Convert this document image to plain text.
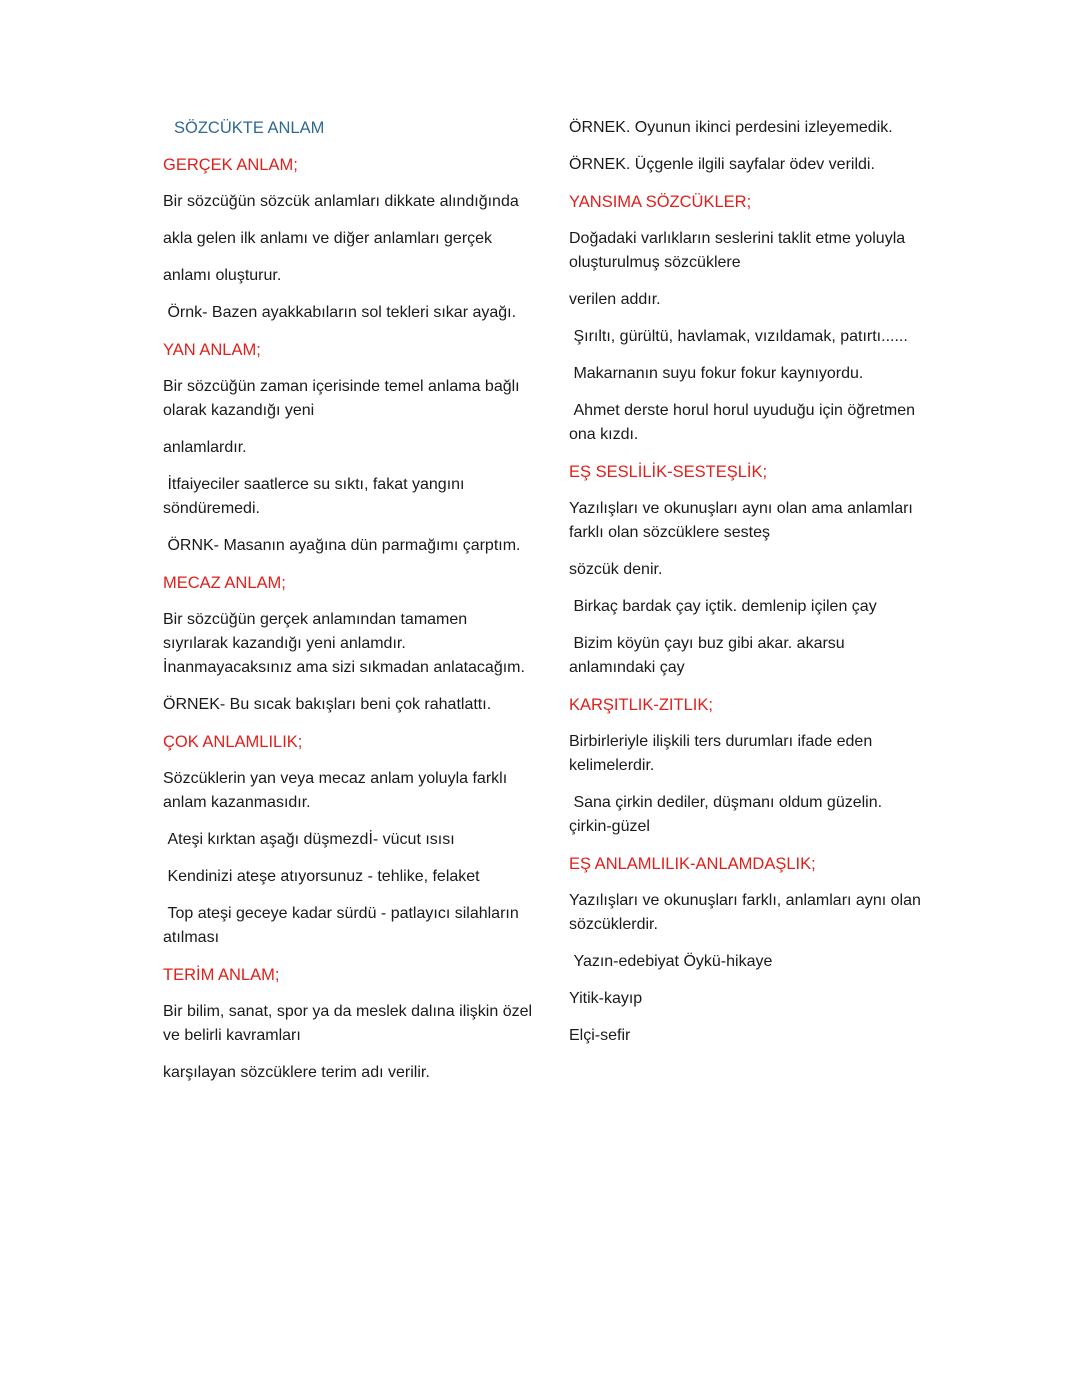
SÖZCÜKTE ANLAM
GERÇEK ANLAM;
Bir sözcüğün sözcük anlamları dikkate alındığında
akla gelen ilk anlamı ve diğer anlamları gerçek
anlamı oluşturur.
Örnk- Bazen ayakkabıların sol tekleri sıkar ayağı.
YAN ANLAM;
Bir sözcüğün zaman içerisinde temel anlama bağlı olarak kazandığı yeni
anlamlardır.
İtfaiyeciler saatlerce su sıktı, fakat yangını söndüremedi.
ÖRNK- Masanın ayağına dün parmağımı çarptım.
MECAZ ANLAM;
Bir sözcüğün gerçek anlamından tamamen sıyrılarak kazandığı yeni anlamdır. İnanmayacaksınız ama sizi sıkmadan anlatacağım.
ÖRNEK- Bu sıcak bakışları beni çok rahatlattı.
ÇOK ANLAMLILIK;
Sözcüklerin yan veya mecaz anlam yoluyla farklı anlam kazanmasıdır.
Ateşi kırktan aşağı düşmezdİ- vücut ısısı
Kendinizi ateşe atıyorsunuz - tehlike, felaket
Top ateşi geceye kadar sürdü - patlayıcı silahların atılması
TERİM ANLAM;
Bir bilim, sanat, spor ya da meslek dalına ilişkin özel ve belirli kavramları
karşılayan sözcüklere terim adı verilir.
ÖRNEK. Oyunun ikinci perdesini izleyemedik.
ÖRNEK. Üçgenle ilgili sayfalar ödev verildi.
YANSIMA SÖZCÜKLER;
Doğadaki varlıkların seslerini taklit etme yoluyla oluşturulmuş sözcüklere
verilen addır.
Şırıltı, gürültü, havlamak, vızıldamak, patırtı......
Makarnanın suyu fokur fokur kaynıyordu.
Ahmet derste horul horul uyuduğu için öğretmen ona kızdı.
EŞ SESLİLİK-SESTEŞLİK;
Yazılışları ve okunuşları aynı olan ama anlamları farklı olan sözcüklere sesteş
sözcük denir.
Birkaç bardak çay içtik. demlenip içilen çay
Bizim köyün çayı buz gibi akar. akarsu anlamındaki çay
KARŞITLIK-ZITLIK;
Birbirleriyle ilişkili ters durumları ifade eden kelimelerdir.
Sana çirkin dediler, düşmanı oldum güzelin. çirkin-güzel
EŞ ANLAMLILIK-ANLAMDAŞLIK;
Yazılışları ve okunuşları farklı, anlamları aynı olan sözcüklerdir.
Yazın-edebiyat Öykü-hikaye
Yitik-kayıp
Elçi-sefir
